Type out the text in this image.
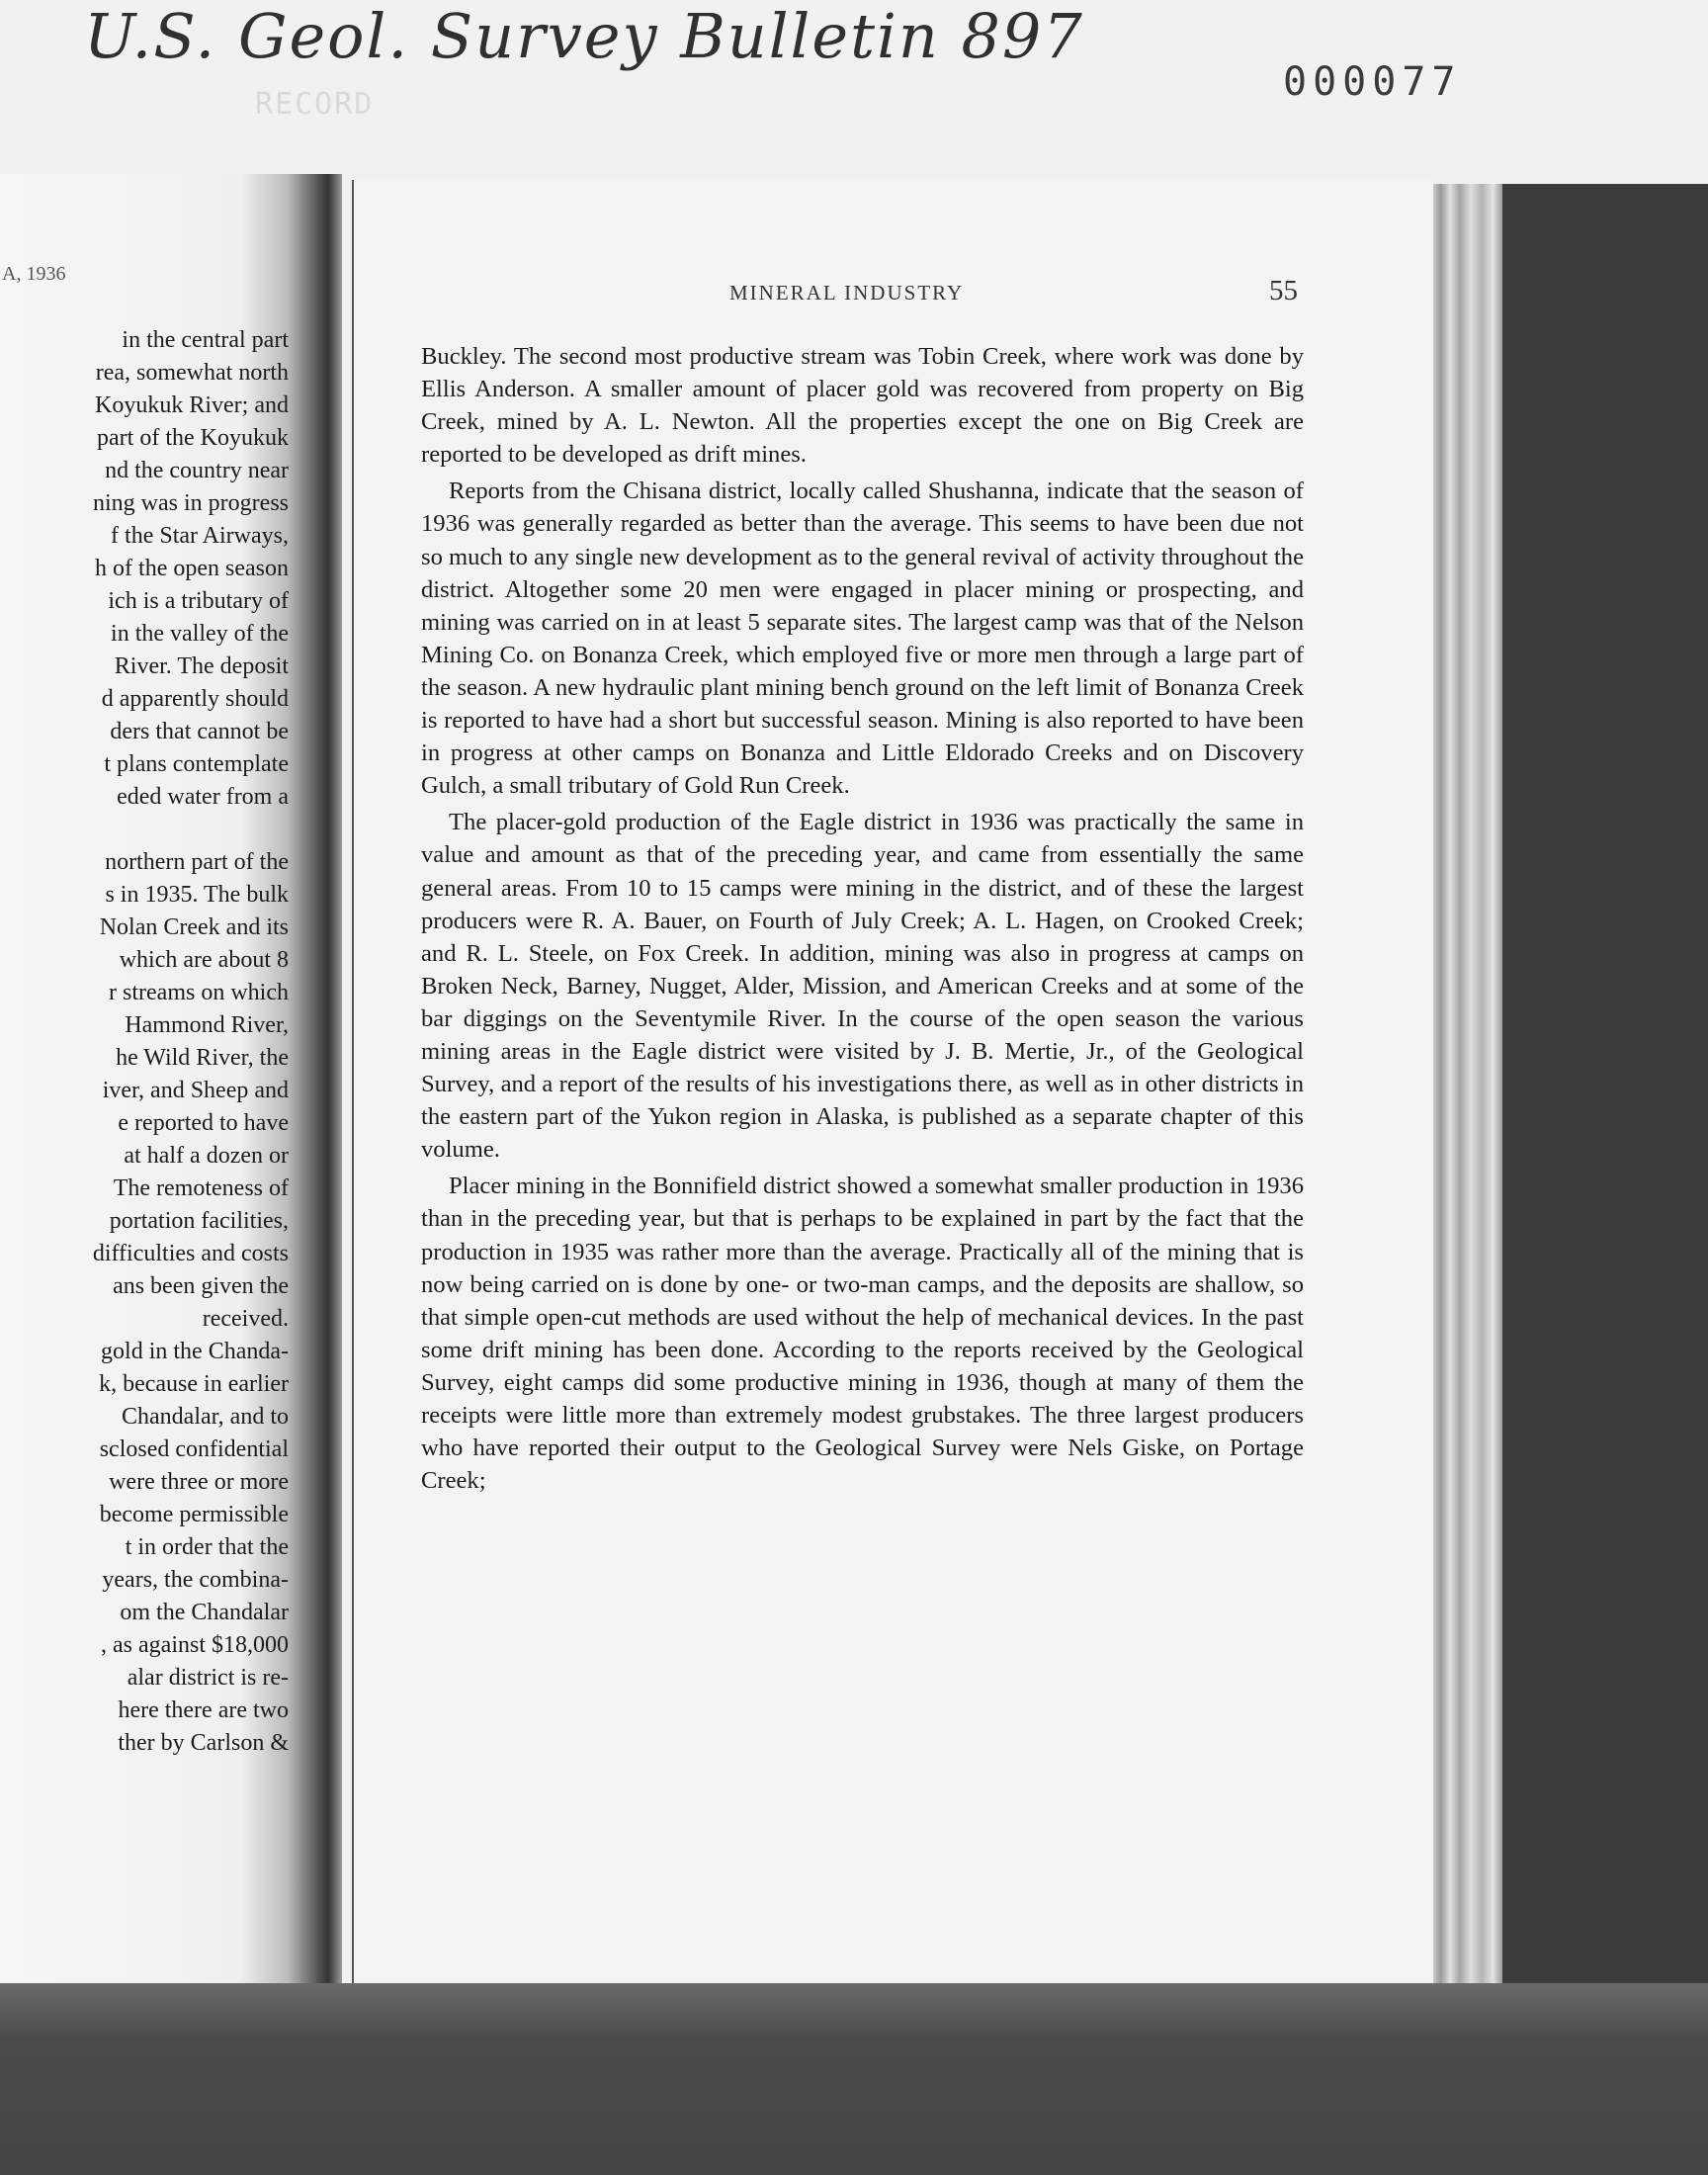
U.S. Geol. Survey Bulletin 897
000077
RECORD
A, 1936
in the central part
rea, somewhat north
Koyukuk River; and
part of the Koyukuk
nd the country near
ning was in progress
f the Star Airways,
h of the open season
ich is a tributary of
in the valley of the
River. The deposit
d apparently should
ders that cannot be
t plans contemplate
eded water from a
northern part of the
s in 1935. The bulk
Nolan Creek and its
which are about 8
r streams on which
Hammond River,
he Wild River, the
iver, and Sheep and
e reported to have
at half a dozen or
The remoteness of
portation facilities,
difficulties and costs
ans been given the
received.
gold in the Chanda-
k, because in earlier
Chandalar, and to
sclosed confidential
were three or more
become permissible
t in order that the
years, the combina-
om the Chandalar
, as against $18,000
alar district is re-
here there are two
ther by Carlson &
MINERAL INDUSTRY	55

Buckley. The second most productive stream was Tobin Creek, where work was done by Ellis Anderson. A smaller amount of placer gold was recovered from property on Big Creek, mined by A. L. Newton. All the properties except the one on Big Creek are reported to be developed as drift mines.

Reports from the Chisana district, locally called Shushanna, indicate that the season of 1936 was generally regarded as better than the average. This seems to have been due not so much to any single new development as to the general revival of activity throughout the district. Altogether some 20 men were engaged in placer mining or prospecting, and mining was carried on in at least 5 separate sites. The largest camp was that of the Nelson Mining Co. on Bonanza Creek, which employed five or more men through a large part of the season. A new hydraulic plant mining bench ground on the left limit of Bonanza Creek is reported to have had a short but successful season. Mining is also reported to have been in progress at other camps on Bonanza and Little Eldorado Creeks and on Discovery Gulch, a small tributary of Gold Run Creek.

The placer-gold production of the Eagle district in 1936 was practically the same in value and amount as that of the preceding year, and came from essentially the same general areas. From 10 to 15 camps were mining in the district, and of these the largest producers were R. A. Bauer, on Fourth of July Creek; A. L. Hagen, on Crooked Creek; and R. L. Steele, on Fox Creek. In addition, mining was also in progress at camps on Broken Neck, Barney, Nugget, Alder, Mission, and American Creeks and at some of the bar diggings on the Seventymile River. In the course of the open season the various mining areas in the Eagle district were visited by J. B. Mertie, Jr., of the Geological Survey, and a report of the results of his investigations there, as well as in other districts in the eastern part of the Yukon region in Alaska, is published as a separate chapter of this volume.

Placer mining in the Bonnifield district showed a somewhat smaller production in 1936 than in the preceding year, but that is perhaps to be explained in part by the fact that the production in 1935 was rather more than the average. Practically all of the mining that is now being carried on is done by one- or two-man camps, and the deposits are shallow, so that simple open-cut methods are used without the help of mechanical devices. In the past some drift mining has been done. According to the reports received by the Geological Survey, eight camps did some productive mining in 1936, though at many of them the receipts were little more than extremely modest grubstakes. The three largest producers who have reported their output to the Geological Survey were Nels Giske, on Portage Creek;
